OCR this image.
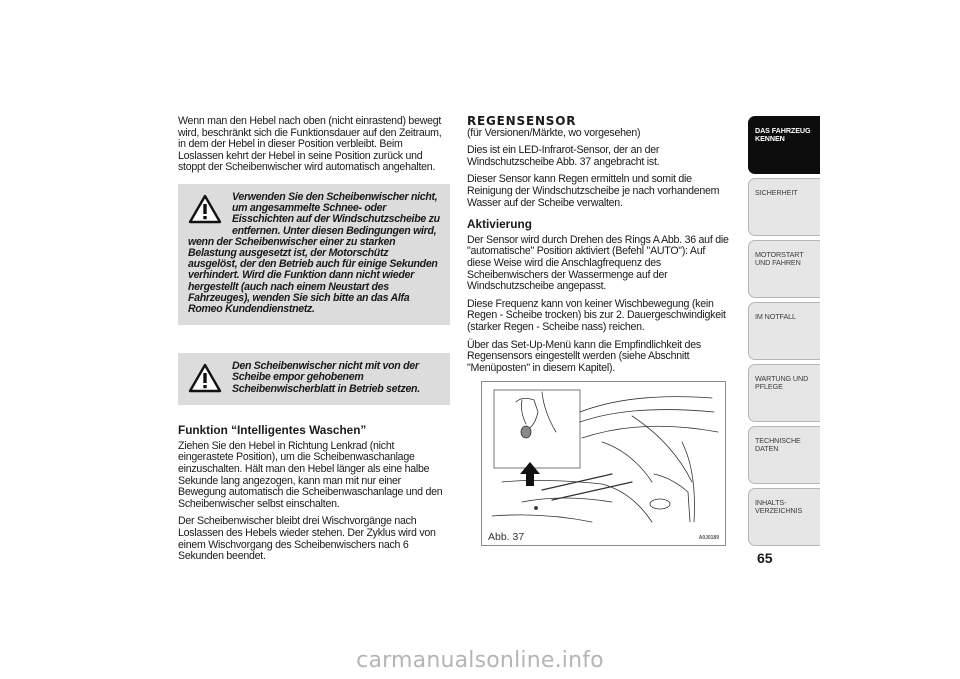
Wenn man den Hebel nach oben (nicht einrastend) bewegt wird, beschränkt sich die Funktionsdauer auf den Zeitraum, in dem der Hebel in dieser Position verbleibt. Beim Loslassen kehrt der Hebel in seine Position zurück und stoppt der Scheibenwischer wird automatisch angehalten.

Verwenden Sie den Scheibenwischer nicht, um angesammelte Schnee- oder Eisschichten auf der Windschutzscheibe zu entfernen. Unter diesen Bedingungen wird, wenn der Scheibenwischer einer zu starken Belastung ausgesetzt ist, der Motorschütz ausgelöst, der den Betrieb auch für einige Sekunden verhindert. Wird die Funktion dann nicht wieder hergestellt (auch nach einem Neustart des Fahrzeuges), wenden Sie sich bitte an das Alfa Romeo Kundendienstnetz.
Den Scheibenwischer nicht mit von der Scheibe empor gehobenem Scheibenwischerblatt in Betrieb setzen.
Funktion “Intelligentes Waschen”

Ziehen Sie den Hebel in Richtung Lenkrad (nicht eingerastete Position), um die Scheibenwaschanlage einzuschalten. Hält man den Hebel länger als eine halbe Sekunde lang angezogen, kann man mit nur einer Bewegung automatisch die Scheibenwaschanlage und den Scheibenwischer selbst einschalten.

Der Scheibenwischer bleibt drei Wischvorgänge nach Loslassen des Hebels wieder stehen. Der Zyklus wird von einem Wischvorgang des Scheibenwischers nach 6 Sekunden beendet.

REGENSENSOR

(für Versionen/Märkte, wo vorgesehen)

Dies ist ein LED-Infrarot-Sensor, der an der Windschutzscheibe Abb. 37 angebracht ist.

Dieser Sensor kann Regen ermitteln und somit die Reinigung der Windschutzscheibe je nach vorhandenem Wasser auf der Scheibe verwalten.

Aktivierung

Der Sensor wird durch Drehen des Rings A Abb. 36 auf die "automatische" Position aktiviert (Befehl "AUTO"): Auf diese Weise wird die Anschlagfrequenz des Scheibenwischers der Wassermenge auf der Windschutzscheibe angepasst.

Diese Frequenz kann von keiner Wischbewegung (kein Regen - Scheibe trocken) bis zur 2. Dauergeschwindigkeit (starker Regen - Scheibe nass) reichen.

Über das Set-Up-Menü kann die Empfindlichkeit des Regensensors eingestellt werden (siehe Abschnitt "Menüposten" in diesem Kapitel).

Abb. 37	A0J0189
DAS FAHRZEUG KENNEN
SICHERHEIT
MOTORSTART UND FAHREN
IM NOTFALL
WARTUNG UND PFLEGE
TECHNISCHE DATEN
INHALTS-VERZEICHNIS
65
carmanualsonline.info
